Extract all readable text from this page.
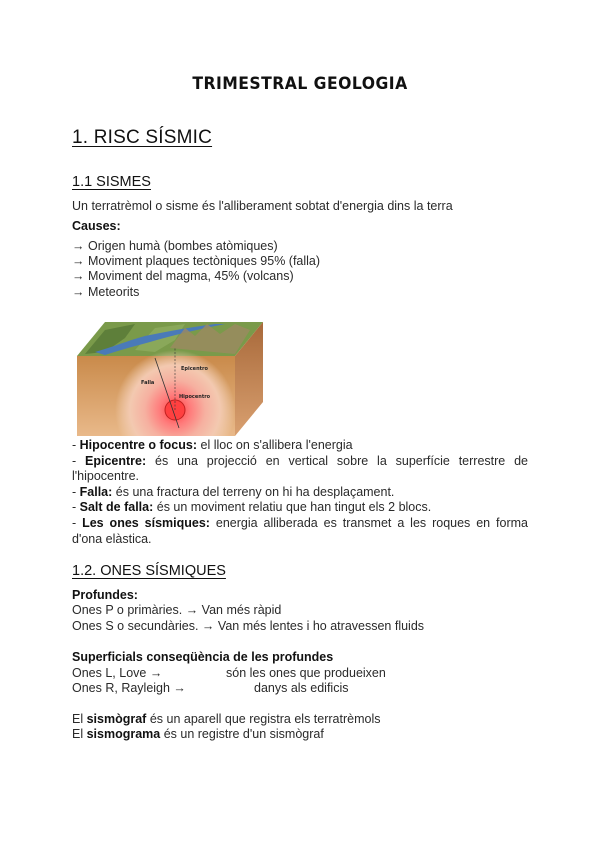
TRIMESTRAL GEOLOGIA
1. RISC SÍSMIC
1.1 SISMES
Un terratrèmol o sisme és l'alliberament sobtat d'energia dins la terra
Causes:
→ Origen humà (bombes atòmiques)
→ Moviment plaques tectòniques 95% (falla)
→ Moviment del magma, 45% (volcans)
→ Meteorits
Epicentro
Falla
Hipocentro

- Hipocentre o focus: el lloc on s'allibera l'energia

- Epicentre: és una projecció en vertical sobre la superfície terrestre de l'hipocentre.

- Falla: és una fractura del terreny on hi ha desplaçament.

- Salt de falla: és un moviment relatiu que han tingut els 2 blocs.

- Les ones sísmiques: energia alliberada es transmet a les roques en forma d'ona elàstica.

1.2. ONES SÍSMIQUES
Profundes:
Ones P o primàries. → Van més ràpid
Ones S o secundàries. → Van més lentes i ho atravessen fluids
Superficials conseqüència de les profundes
Ones L, Love →	són les ones que produeixen
Ones R, Rayleigh →	danys als edificis
El sismògraf és un aparell que registra els terratrèmols
El sismograma és un registre d'un sismògraf
